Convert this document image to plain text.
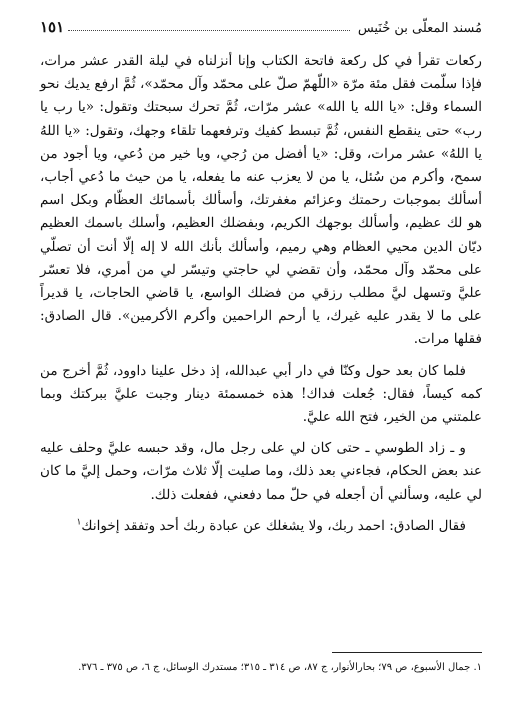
مُسند المعلّى بن خُنَيس
١٥١

ركعات تقرأ في كل ركعة فاتحة الكتاب وإنا أنزلناه في ليلة القدر عشر مرات، فإذا سلّمت فقل مئة مرّة «اللّهمّ صلّ على محمّد وآل محمّد»، ثُمَّ ارفع يديك نحو السماء وقل: «يا الله يا الله» عشر مرّات، ثُمَّ تحرك سبحتك وتقول: «يا رب يا رب» حتى ينقطع النفس، ثُمَّ تبسط كفيك وترفعهما تلقاء وجهك، وتقول: «يا اللهُ يا اللهُ» عشر مرات، وقل: «يا أفضل من رُجي، ويا خير من دُعي، ويا أجود من سمح، وأكرم من سُئل، يا من لا يعزب عنه ما يفعله، يا من حيث ما دُعي أجاب، أسألك بموجبات رحمتك وعزائم مغفرتك، وأسألك بأسمائك العظّام وبكل اسم هو لك عظيم، وأسألك بوجهك الكريم، وبفضلك العظيم، وأسلك باسمك العظيم ديّان الدين محيي العظام وهي رميم، وأسألك بأنك الله لا إله إلّا أنت أن تصلّي على محمّد وآل محمّد، وأن تقضي لي حاجتي وتيسّر لي من أمري، فلا تعسّر عليَّ وتسهل ليَّ مطلب رزقي من فضلك الواسع، يا قاضي الحاجات، يا قديراً على ما لا يقدر عليه غيرك، يا أرحم الراحمين وأكرم الأكرمين». قال الصادق: فقلها مرات.

فلما كان بعد حول وكنّا في دار أبي عبدالله، إذ دخل علينا داوود، ثُمَّ أخرج من كمه كيساً، فقال: جُعلت فداك! هذه خمسمئة دينار وجبت عليَّ ببركتك وبما علمتني من الخير، فتح الله عليَّ.

و ـ زاد الطوسي ـ حتى كان لي على رجل مال، وقد حبسه عليَّ وحلف عليه عند بعض الحكام، فجاءني بعد ذلك، وما صليت إلّا ثلاث مرّات، وحمل إليَّ ما كان لي عليه، وسألني أن أجعله في حلّ مما دفعني، ففعلت ذلك.

فقال الصادق: احمد ربك، ولا يشغلك عن عبادة ربك أحد وتفقد إخوانك$^١$

١. جمال الأسبوع، ص ٧٩؛ بحارالأنوار، ج ٨٧، ص ٣١٤ ـ ٣١٥؛ مستدرك الوسائل، ج ٦، ص ٣٧٥ ـ ٣٧٦.
